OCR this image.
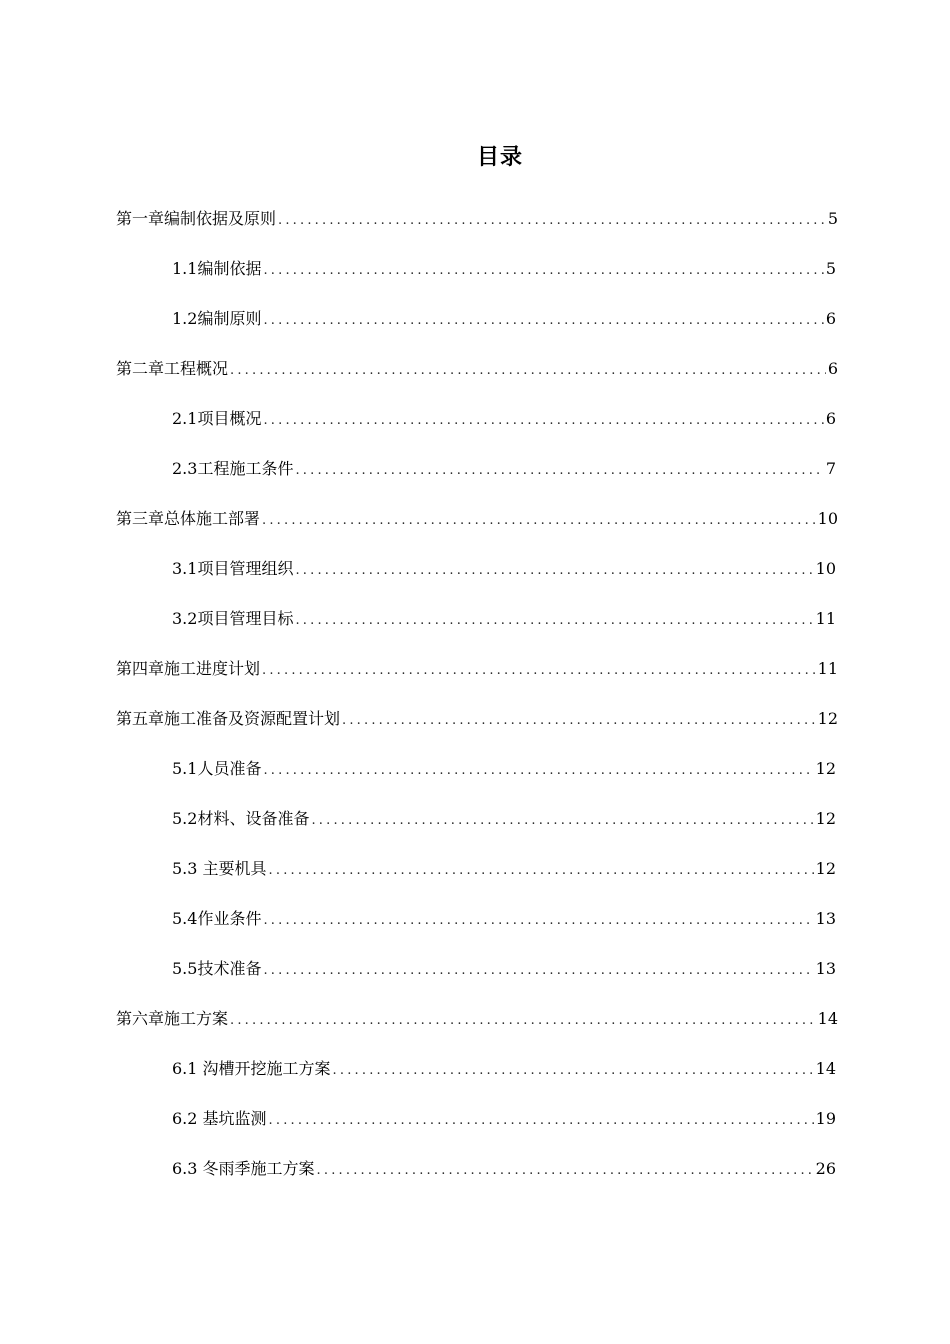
目录
第一章编制依据及原则 .....	5
1.1编制依据 .....	5
1.2编制原则 .....	6
第二章工程概况 .....	6
2.1项目概况 .....	6
2.3工程施工条件 .....	7
第三章总体施工部署 .....	10
3.1项目管理组织 .....	10
3.2项目管理目标 .....	11
第四章施工进度计划 .....	11
第五章施工准备及资源配置计划 .....	12
5.1人员准备 .....	12
5.2材料、设备准备 .....	12
5.3 主要机具 .....	12
5.4作业条件 .....	13
5.5技术准备 .....	13
第六章施工方案 .....	14
6.1 沟槽开挖施工方案 .....	14
6.2 基坑监测 .....	19
6.3 冬雨季施工方案 .....	26
